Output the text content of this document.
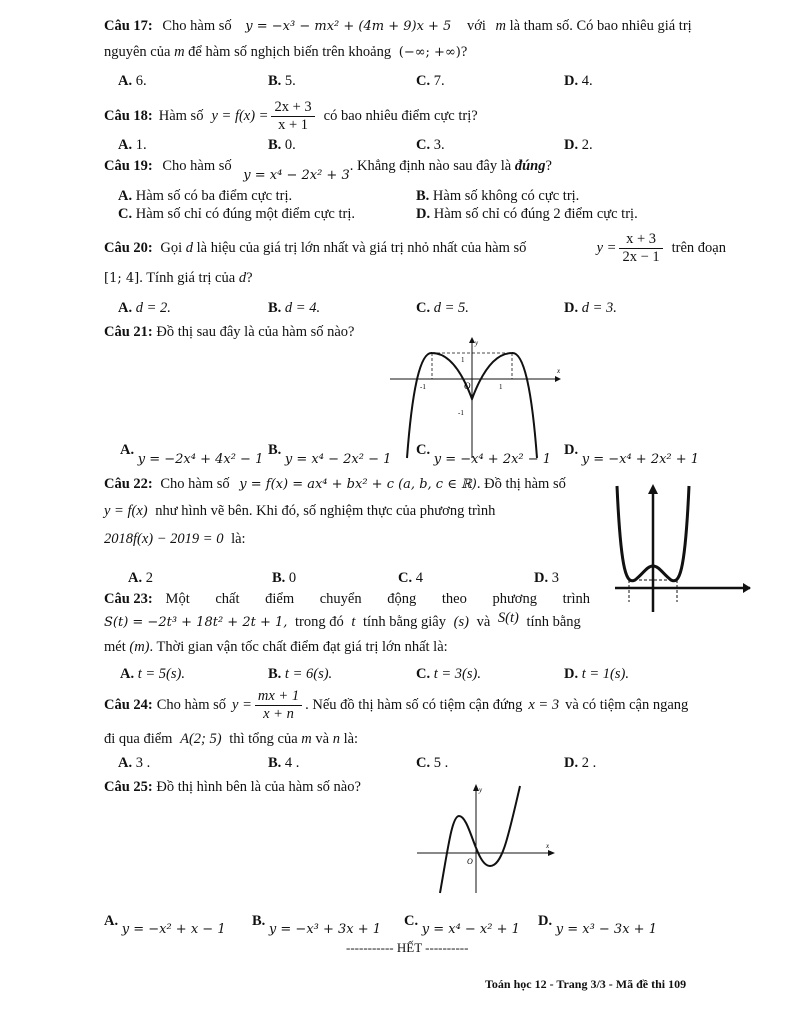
Câu 17: Cho hàm số y = −x³ − mx² + (4m + 9)x + 5 với m là tham số. Có bao nhiêu giá trị
nguyên của m để hàm số nghịch biến trên khoảng (−∞; +∞)?
A. 6.	B. 5.	C. 7.	D. 4.
Câu 18: Hàm số $y = f(x) = \frac{2x + 3}{x + 1}$ có bao nhiêu điểm cực trị?
A. 1.	B. 0.	C. 3.	D. 2.
Câu 19: Cho hàm số y = x⁴ − 2x² + 3. Khẳng định nào sau đây là đúng?
A. Hàm số có ba điểm cực trị.	B. Hàm số không có cực trị.
C. Hàm số chỉ có đúng một điểm cực trị.	D. Hàm số chỉ có đúng 2 điểm cực trị.
Câu 20: Gọi d là hiệu của giá trị lớn nhất và giá trị nhỏ nhất của hàm số	$y = \frac{x + 3}{2x - 1}$ trên đoạn
[1; 4]. Tính giá trị của d?
A. d = 2.	B. d = 4.	C. d = 5.	D. d = 3.
Câu 21: Đồ thị sau đây là của hàm số nào?
y
x
O	1
-1
1
-1
A. y = −2x⁴ + 4x² − 1
B. y = x⁴ − 2x² − 1
C. y = −x⁴ + 2x² − 1
D. y = −x⁴ + 2x² + 1
Câu 22: Cho hàm số y = f(x) = ax⁴ + bx² + c (a, b, c ∈ ℝ). Đồ thị hàm số
y = f(x) như hình vẽ bên. Khi đó, số nghiệm thực của phương trình
2018f(x) − 2019 = 0 là:
A. 2	B. 0	C. 4	D. 3
Câu 23: Một chất điểm chuyển động theo phương trình
S(t) = −2t³ + 18t² + 2t + 1, trong đó t tính bằng giây (s) và S(t) tính bằng
mét (m). Thời gian vận tốc chất điểm đạt giá trị lớn nhất là:
A. t = 5(s).	B. t = 6(s).	C. t = 3(s).	D. t = 1(s).
Câu 24: Cho hàm số $y = \frac{mx + 1}{x + n}$ . Nếu đồ thị hàm số có tiệm cận đứng x = 3 và có tiệm cận ngang
đi qua điểm A(2; 5) thì tổng của m và n là:
A. 3 .	B. 4 .	C. 5 .	D. 2 .
Câu 25: Đồ thị hình bên là của hàm số nào?	y
x
O
A. y = −x² + x − 1
B. y = −x³ + 3x + 1
C. y = x⁴ − x² + 1
D. y = x³ − 3x + 1
----------- HẾT ----------
Toán học 12 - Trang 3/3 - Mã đề thi 109
